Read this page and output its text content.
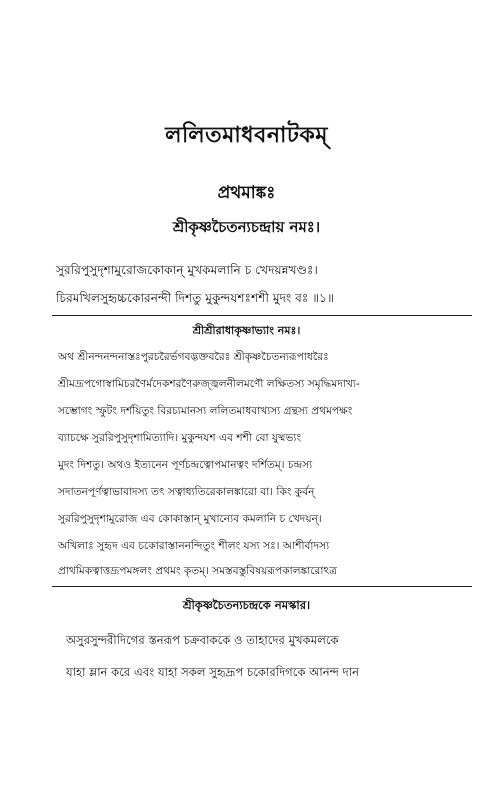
ললিতমাধবনাটকম্
প্রথমাঙ্কঃ
শ্রীকৃষ্ণচৈতন্যচন্দ্রায় নমঃ।
সুররিপুসুদৃশামুরোজকোকান্ মুখকমলানি চ খেদয়ন্নখণ্ডঃ।
চিরমখিলসুহৃচ্চকোরনন্দী দিশতু মুকুন্দযশঃশশী মুদং বঃ ॥১॥
শ্রীশ্রীরাধাকৃষ্ণাভ্যাং নমঃ।
অথ শ্রীনন্দনন্দনাস্তঃপুরচরৈর্ভগবদ্ভক্তবরৈঃ শ্রীকৃষ্ণচৈতন্যরূপাধরৈঃ
শ্রীমদ্রূপগোস্বামিচরণৈর্মদেকশরণৈরুজ্জ্বলনীলমণৌ লক্ষিতস্য সমৃদ্ধিমদাখ্য-
সম্ভোগং স্ফুটং দর্শয়িতুং বিরচ্যমানস্য ললিতমাধবাখ্যস্য গ্রন্থস্য প্রথমপক্ষং
ব্যাচক্ষে সুররিপুসুদৃশামিত্যাদি। মুকুন্দযশ এব শশী বো যুষ্মভ্যং
মুদং দিশতু। অথও ইত্যনেন পূর্ণচন্দ্রত্বোপমানত্বং দর্শিতম্। চন্দ্রস্য
সদাতনপূর্ণত্বাভাবাদস্য তৎ সত্বাধ্যতিরেকালঙ্কারো বা। কিং কুর্বন্
সুররিপুসুদৃশামুরোজ এব কোকাস্তান্ মুখান্যেব কমলানি চ খেদয়ন্।
অখিলাঃ সুহৃদ এব চকোরাস্তাননন্দিতুং শীলং যস্য সঃ। আশীর্বাদস্য
প্রাথমিকত্বাত্তদ্রূপমঙ্গলং প্রথমং কৃতম্। সমস্তবস্তুবিষয়রূপকালঙ্কারোঽত্র
শ্রীকৃষ্ণচৈতন্যচন্দ্রকে নমস্কার।
অসুরসুন্দরীদিগের স্তনরূপ চক্রবাককে ও তাহাদের মুখকমলকে
যাহা ম্লান করে এবং যাহা সকল সুহৃদ্রূপ চকোরদিগকে আনন্দ দান
